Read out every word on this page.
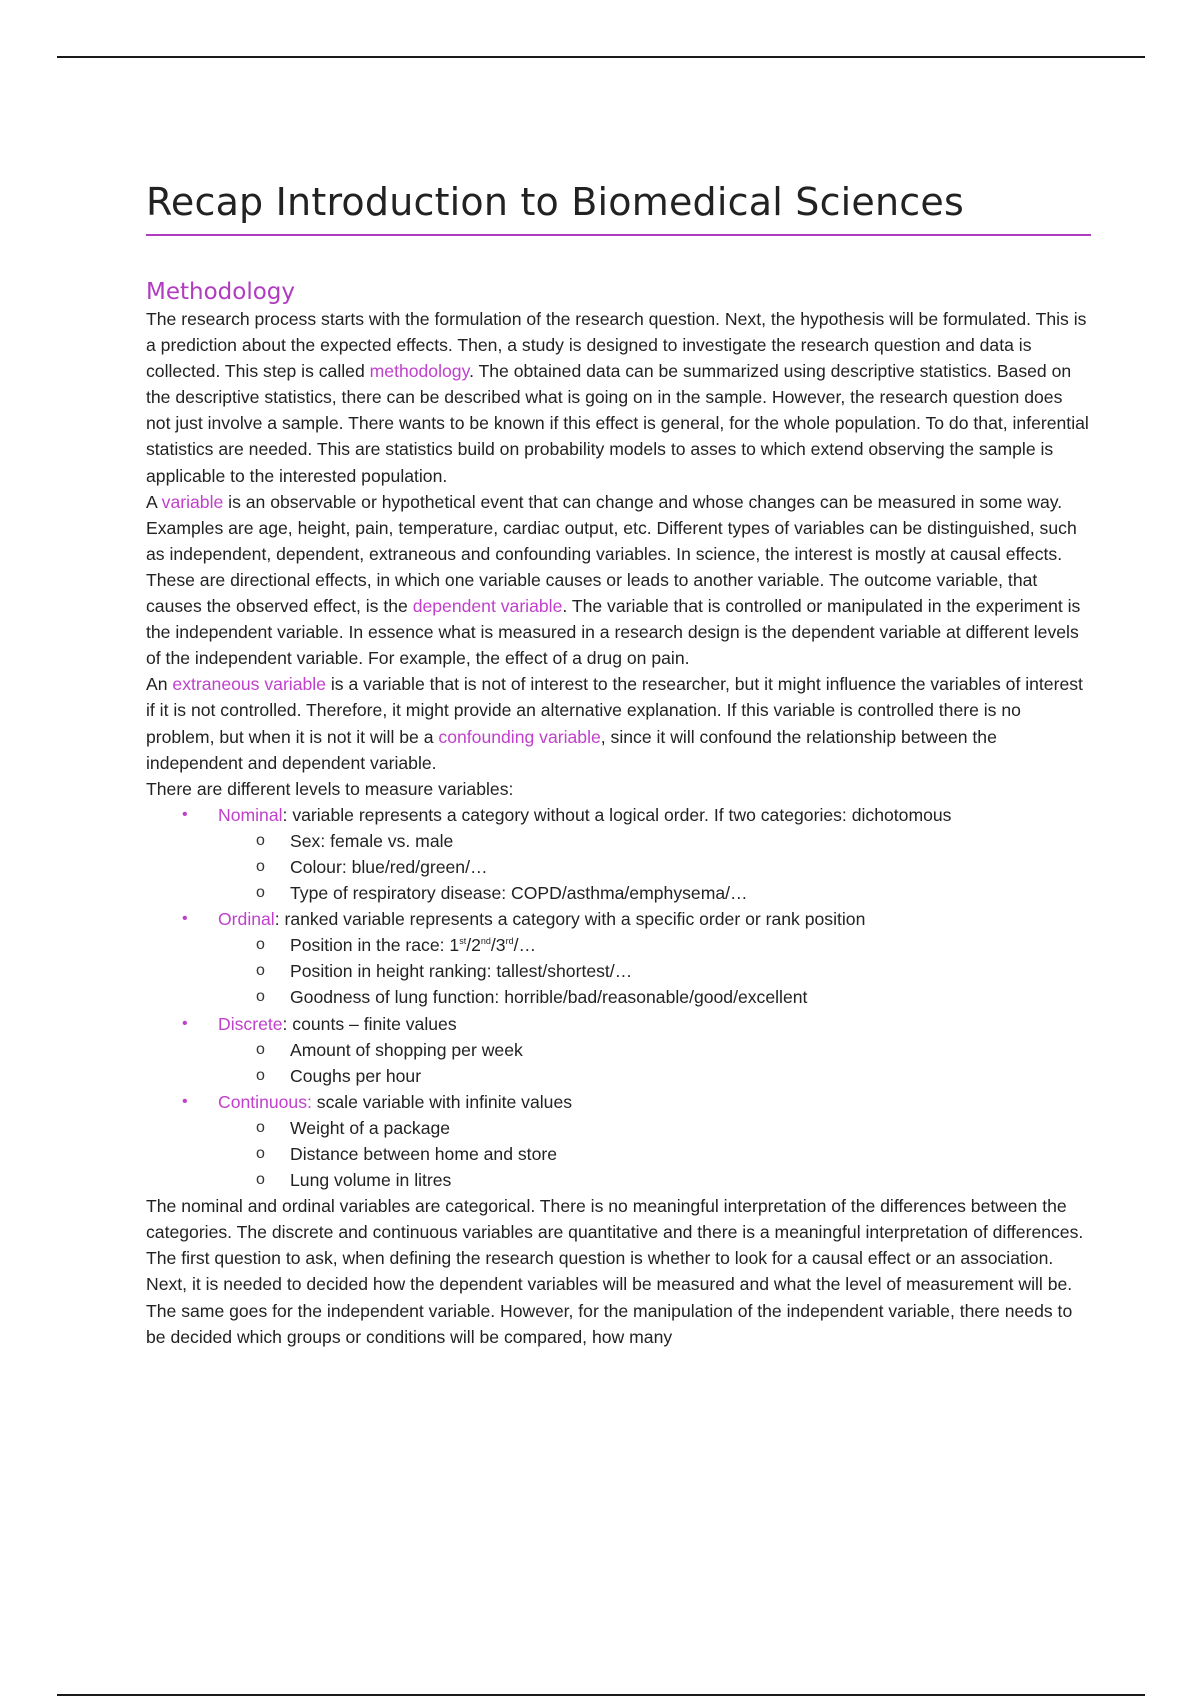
Recap Introduction to Biomedical Sciences
Methodology

The research process starts with the formulation of the research question. Next, the hypothesis will be formulated. This is a prediction about the expected effects. Then, a study is designed to investigate the research question and data is collected. This step is called methodology. The obtained data can be summarized using descriptive statistics. Based on the descriptive statistics, there can be described what is going on in the sample. However, the research question does not just involve a sample. There wants to be known if this effect is general, for the whole population. To do that, inferential statistics are needed. This are statistics build on probability models to asses to which extend observing the sample is applicable to the interested population.

A variable is an observable or hypothetical event that can change and whose changes can be measured in some way. Examples are age, height, pain, temperature, cardiac output, etc. Different types of variables can be distinguished, such as independent, dependent, extraneous and confounding variables. In science, the interest is mostly at causal effects. These are directional effects, in which one variable causes or leads to another variable. The outcome variable, that causes the observed effect, is the dependent variable. The variable that is controlled or manipulated in the experiment is the independent variable. In essence what is measured in a research design is the dependent variable at different levels of the independent variable. For example, the effect of a drug on pain.

An extraneous variable is a variable that is not of interest to the researcher, but it might influence the variables of interest if it is not controlled. Therefore, it might provide an alternative explanation. If this variable is controlled there is no problem, but when it is not it will be a confounding variable, since it will confound the relationship between the independent and dependent variable.

There are different levels to measure variables:

• Nominal: variable represents a category without a logical order. If two categories: dichotomous
o Sex: female vs. male
o Colour: blue/red/green/…
o Type of respiratory disease: COPD/asthma/emphysema/…
• Ordinal: ranked variable represents a category with a specific order or rank position
o Position in the race: 1st/2nd/3rd/…
o Position in height ranking: tallest/shortest/…
o Goodness of lung function: horrible/bad/reasonable/good/excellent
• Discrete: counts – finite values
o Amount of shopping per week
o Coughs per hour
• Continuous: scale variable with infinite values
o Weight of a package
o Distance between home and store
o Lung volume in litres

The nominal and ordinal variables are categorical. There is no meaningful interpretation of the differences between the categories. The discrete and continuous variables are quantitative and there is a meaningful interpretation of differences.

The first question to ask, when defining the research question is whether to look for a causal effect or an association. Next, it is needed to decided how the dependent variables will be measured and what the level of measurement will be. The same goes for the independent variable. However, for the manipulation of the independent variable, there needs to be decided which groups or conditions will be compared, how many
